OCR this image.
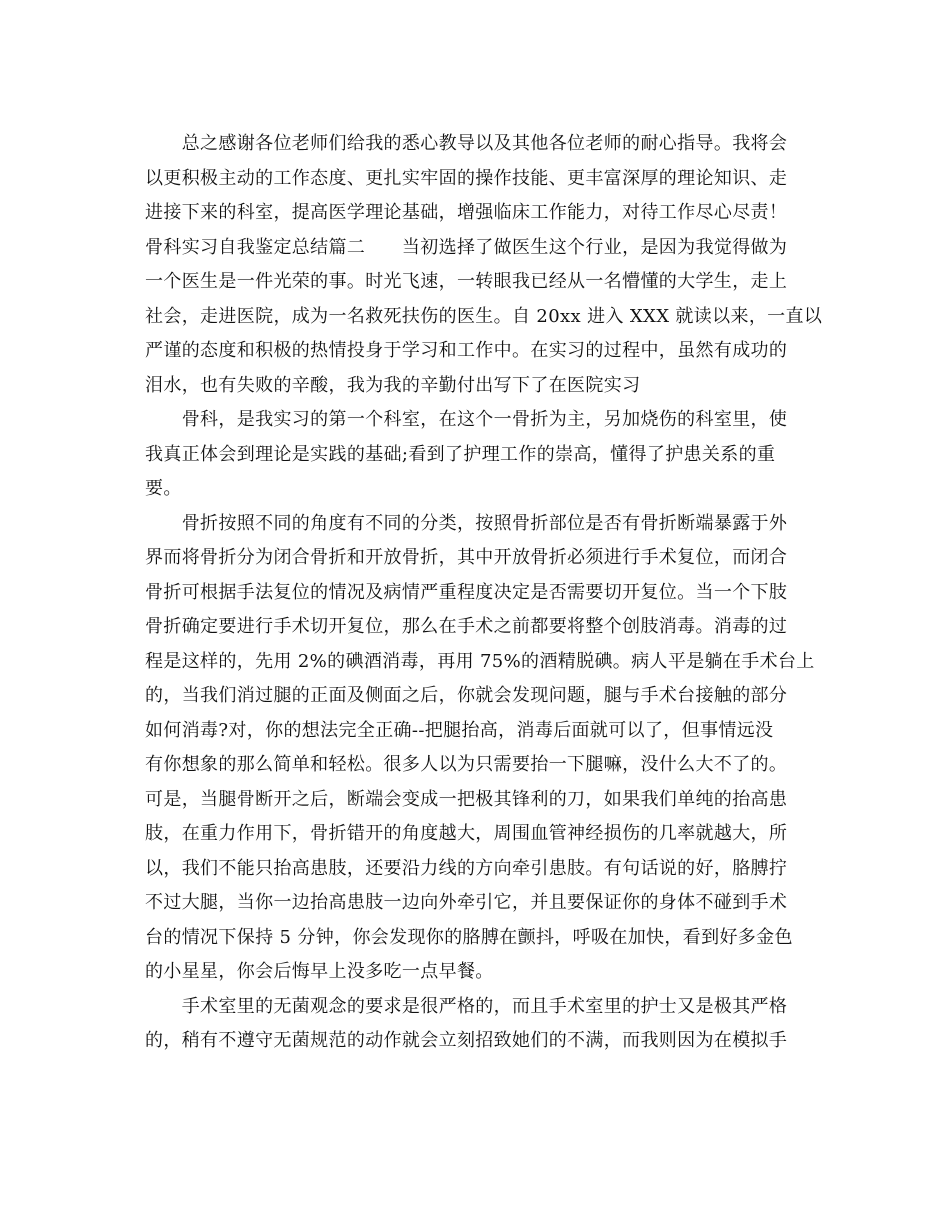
　　总之感谢各位老师们给我的悉心教导以及其他各位老师的耐心指导。我将会
以更积极主动的工作态度、更扎实牢固的操作技能、更丰富深厚的理论知识、走
进接下来的科室，提高医学理论基础，增强临床工作能力，对待工作尽心尽责！
骨科实习自我鉴定总结篇二　　当初选择了做医生这个行业，是因为我觉得做为
一个医生是一件光荣的事。时光飞速，一转眼我已经从一名懵懂的大学生，走上
社会，走进医院，成为一名救死扶伤的医生。自 20xx 进入 XXX 就读以来，一直以
严谨的态度和积极的热情投身于学习和工作中。在实习的过程中，虽然有成功的
泪水，也有失败的辛酸，我为我的辛勤付出写下了在医院实习
　　骨科，是我实习的第一个科室，在这个一骨折为主，另加烧伤的科室里，使
我真正体会到理论是实践的基础;看到了护理工作的崇高，懂得了护患关系的重
要。
　　骨折按照不同的角度有不同的分类，按照骨折部位是否有骨折断端暴露于外
界而将骨折分为闭合骨折和开放骨折，其中开放骨折必须进行手术复位，而闭合
骨折可根据手法复位的情况及病情严重程度决定是否需要切开复位。当一个下肢
骨折确定要进行手术切开复位，那么在手术之前都要将整个创肢消毒。消毒的过
程是这样的，先用 2%的碘酒消毒，再用 75%的酒精脱碘。病人平是躺在手术台上
的，当我们消过腿的正面及侧面之后，你就会发现问题，腿与手术台接触的部分
如何消毒?对，你的想法完全正确--把腿抬高，消毒后面就可以了，但事情远没
有你想象的那么简单和轻松。很多人以为只需要抬一下腿嘛，没什么大不了的。
可是，当腿骨断开之后，断端会变成一把极其锋利的刀，如果我们单纯的抬高患
肢，在重力作用下，骨折错开的角度越大，周围血管神经损伤的几率就越大，所
以，我们不能只抬高患肢，还要沿力线的方向牵引患肢。有句话说的好，胳膊拧
不过大腿，当你一边抬高患肢一边向外牵引它，并且要保证你的身体不碰到手术
台的情况下保持 5 分钟，你会发现你的胳膊在颤抖，呼吸在加快，看到好多金色
的小星星，你会后悔早上没多吃一点早餐。
　　手术室里的无菌观念的要求是很严格的，而且手术室里的护士又是极其严格
的，稍有不遵守无菌规范的动作就会立刻招致她们的不满，而我则因为在模拟手
